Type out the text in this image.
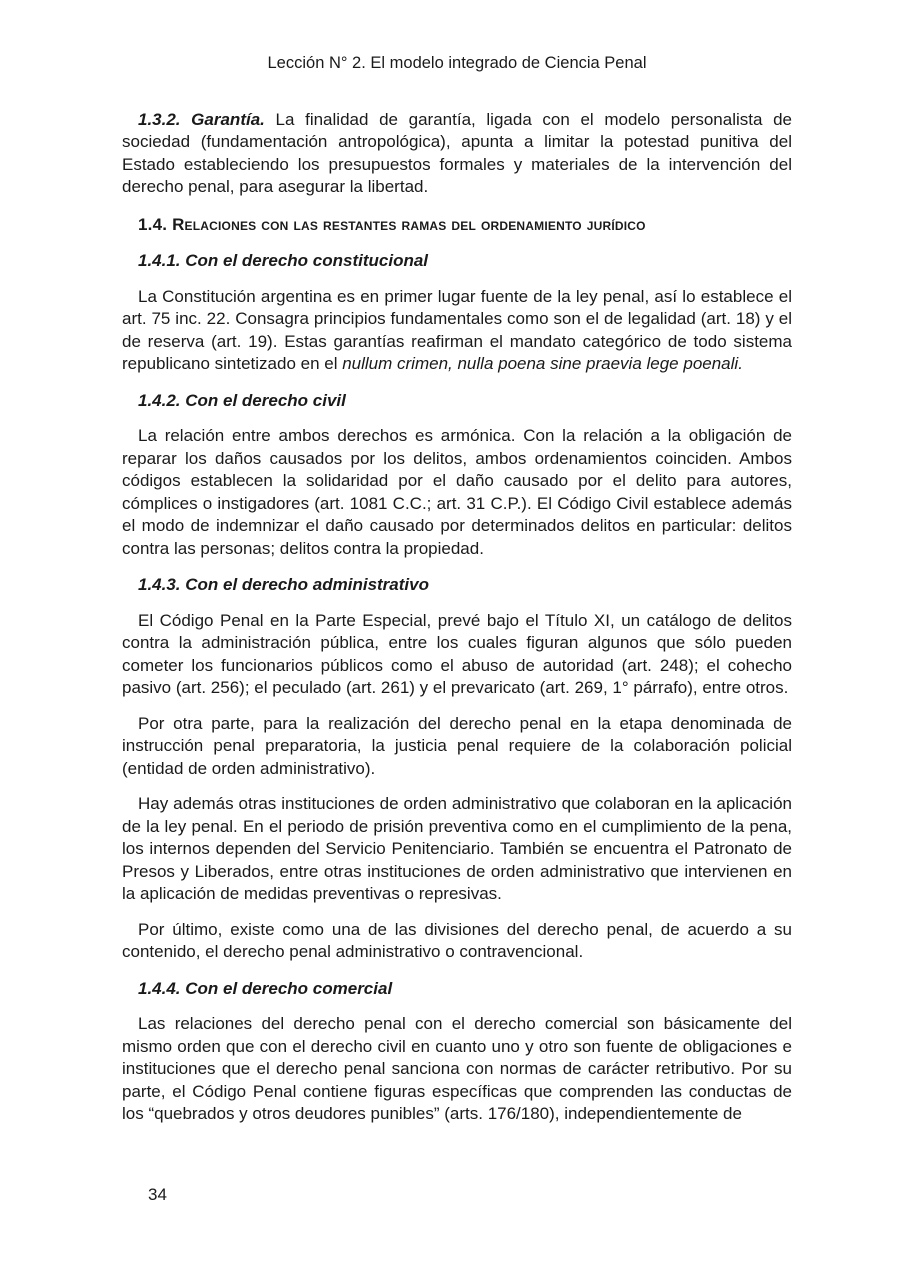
Lección N° 2. El modelo integrado de Ciencia Penal

1.3.2. Garantía. La finalidad de garantía, ligada con el modelo personalista de sociedad (fundamentación antropológica), apunta a limitar la potestad punitiva del Estado estableciendo los presupuestos formales y materiales de la intervención del derecho penal, para asegurar la libertad.

1.4. Relaciones con las restantes ramas del ordenamiento jurídico
1.4.1. Con el derecho constitucional

La Constitución argentina es en primer lugar fuente de la ley penal, así lo establece el art. 75 inc. 22. Consagra principios fundamentales como son el de legalidad (art. 18) y el de reserva (art. 19). Estas garantías reafirman el mandato categórico de todo sistema republicano sintetizado en el nullum crimen, nulla poena sine praevia lege poenali.

1.4.2. Con el derecho civil

La relación entre ambos derechos es armónica. Con la relación a la obligación de reparar los daños causados por los delitos, ambos ordenamientos coinciden. Ambos códigos establecen la solidaridad por el daño causado por el delito para autores, cómplices o instigadores (art. 1081 C.C.; art. 31 C.P.). El Código Civil establece además el modo de indemnizar el daño causado por determinados delitos en particular: delitos contra las personas; delitos contra la propiedad.

1.4.3. Con el derecho administrativo

El Código Penal en la Parte Especial, prevé bajo el Título XI, un catálogo de delitos contra la administración pública, entre los cuales figuran algunos que sólo pueden cometer los funcionarios públicos como el abuso de autoridad (art. 248); el cohecho pasivo (art. 256); el peculado (art. 261) y el prevaricato (art. 269, 1° párrafo), entre otros.

Por otra parte, para la realización del derecho penal en la etapa denominada de instrucción penal preparatoria, la justicia penal requiere de la colaboración policial (entidad de orden administrativo).

Hay además otras instituciones de orden administrativo que colaboran en la aplicación de la ley penal. En el periodo de prisión preventiva como en el cumplimiento de la pena, los internos dependen del Servicio Penitenciario. También se encuentra el Patronato de Presos y Liberados, entre otras instituciones de orden administrativo que intervienen en la aplicación de medidas preventivas o represivas.

Por último, existe como una de las divisiones del derecho penal, de acuerdo a su contenido, el derecho penal administrativo o contravencional.

1.4.4. Con el derecho comercial

Las relaciones del derecho penal con el derecho comercial son básicamente del mismo orden que con el derecho civil en cuanto uno y otro son fuente de obligaciones e instituciones que el derecho penal sanciona con normas de carácter retributivo. Por su parte, el Código Penal contiene figuras específicas que comprenden las conductas de los “quebrados y otros deudores punibles” (arts. 176/180), independientemente de

34
